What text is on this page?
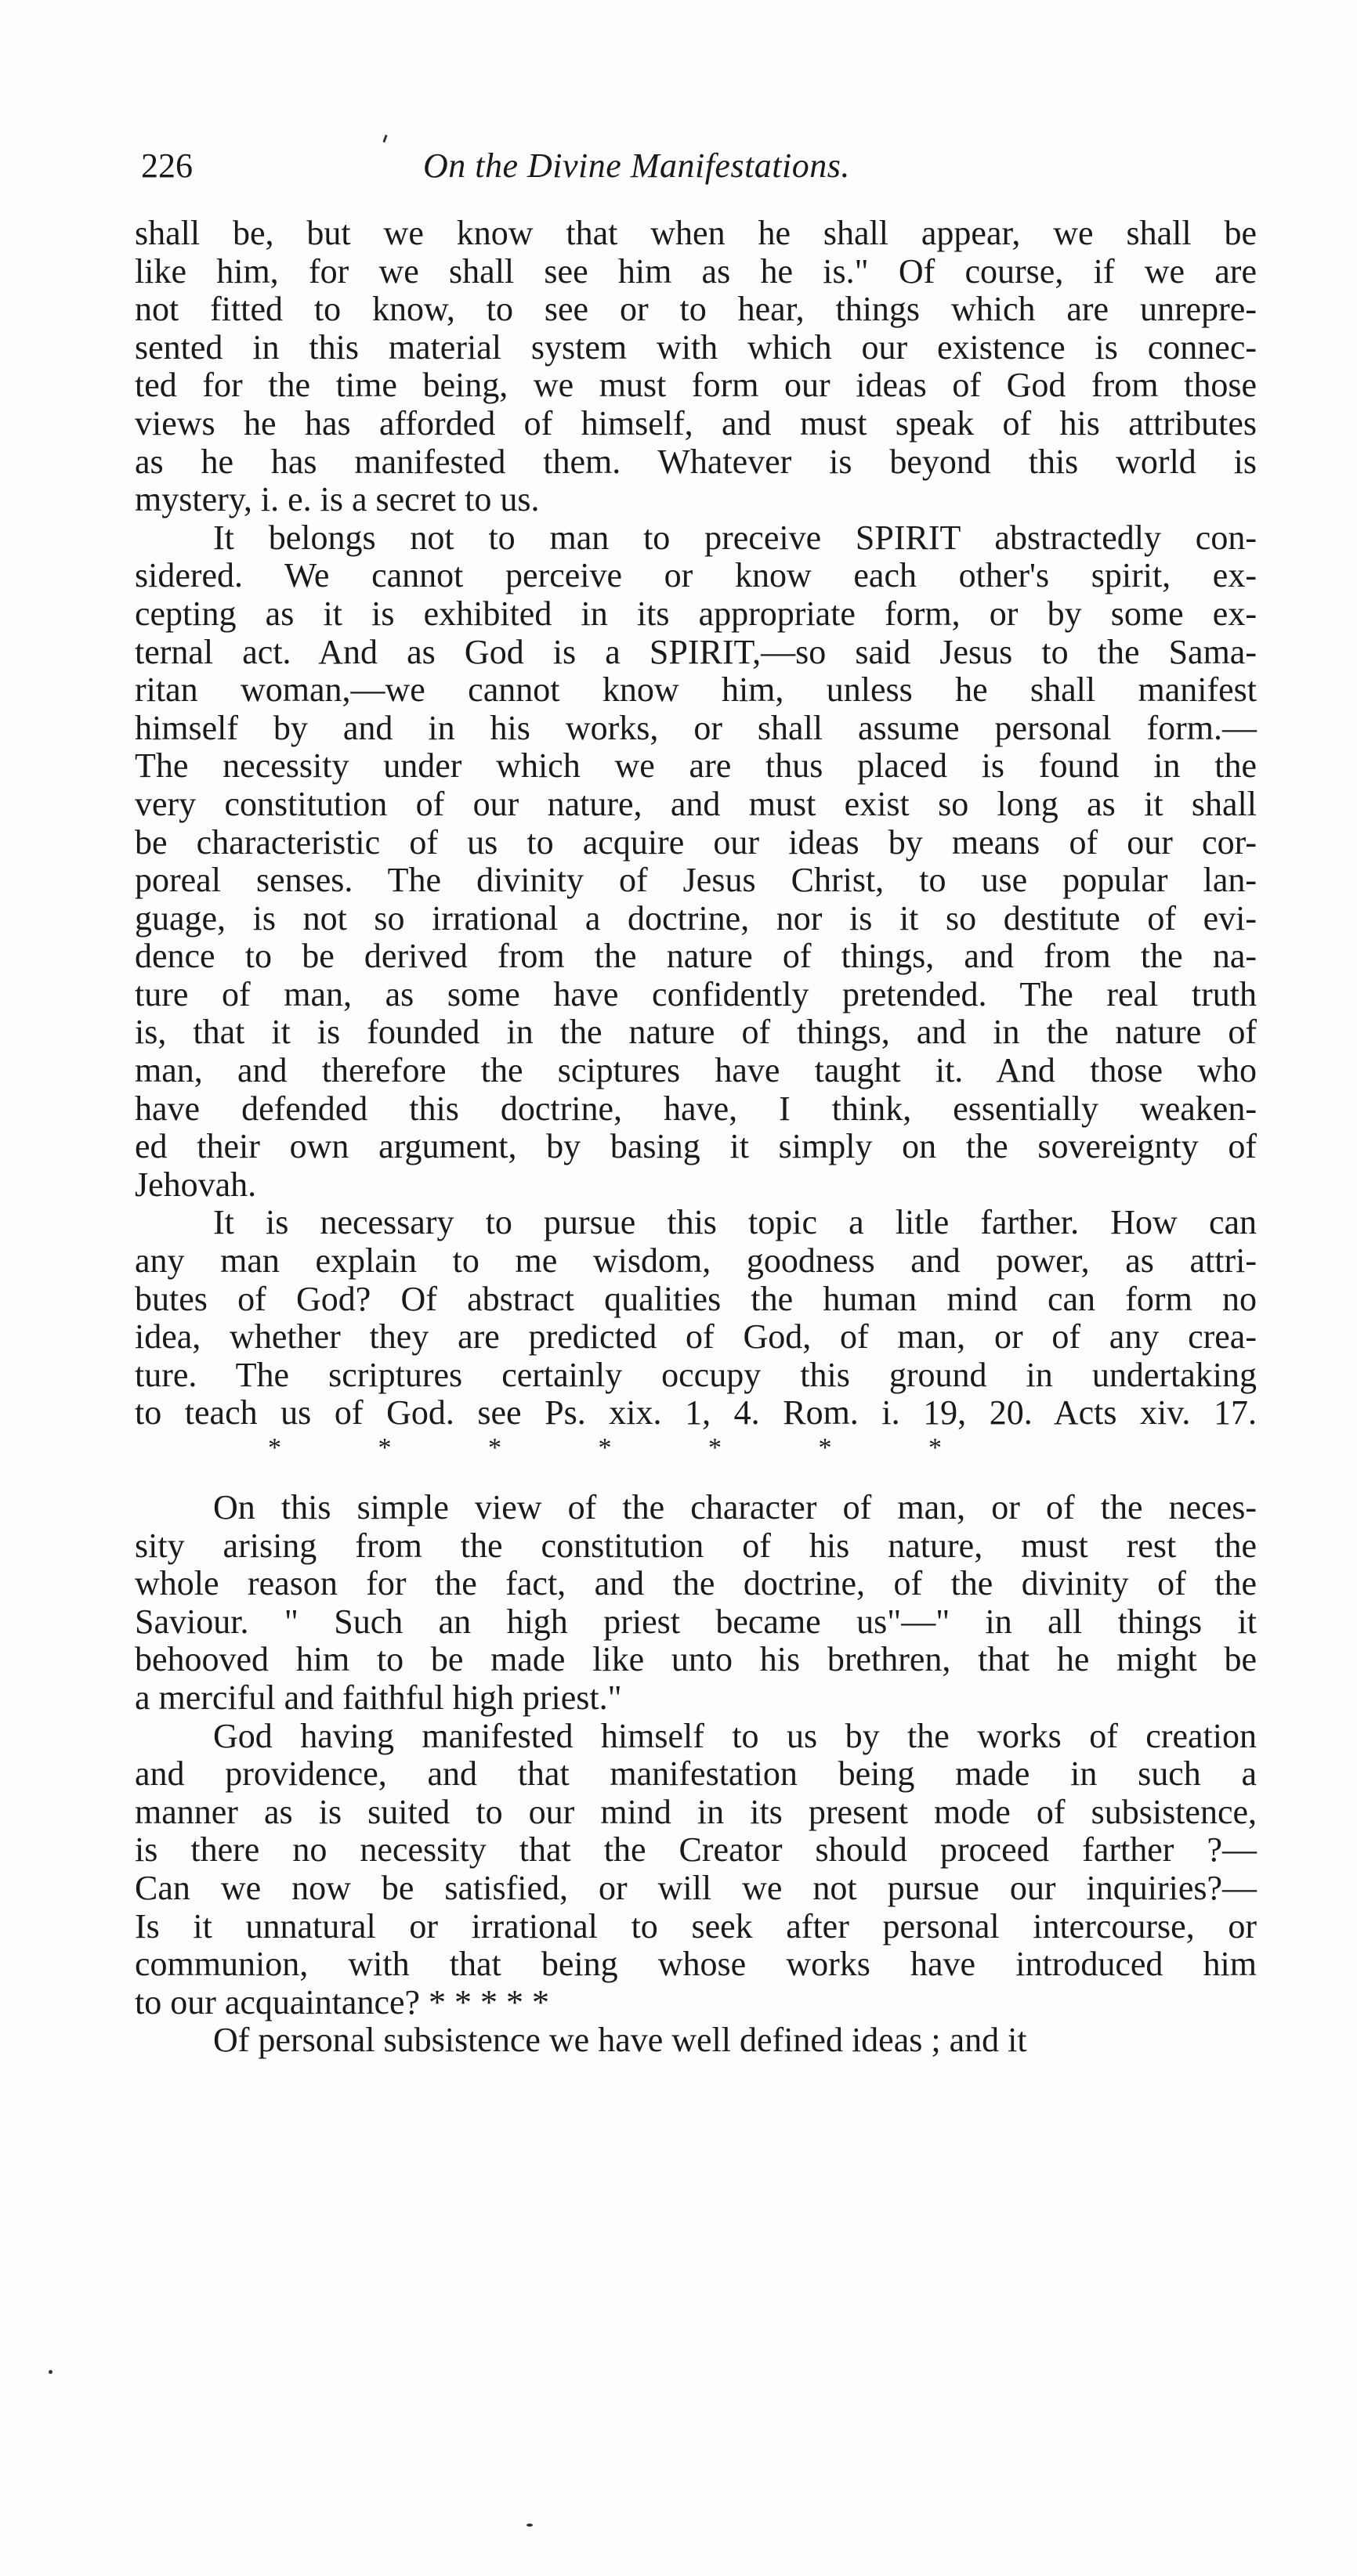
226	On the Divine Manifestations.
shall be, but we know that when he shall appear, we shall be
like him, for we shall see him as he is." Of course, if we are
not fitted to know, to see or to hear, things which are unrepre-
sented in this material system with which our existence is connec-
ted for the time being, we must form our ideas of God from those
views he has afforded of himself, and must speak of his attributes
as he has manifested them. Whatever is beyond this world is
mystery, i. e. is a secret to us.
It belongs not to man to preceive SPIRIT abstractedly con-
sidered. We cannot perceive or know each other's spirit, ex-
cepting as it is exhibited in its appropriate form, or by some ex-
ternal act. And as God is a SPIRIT,—so said Jesus to the Sama-
ritan woman,—we cannot know him, unless he shall manifest
himself by and in his works, or shall assume personal form.—
The necessity under which we are thus placed is found in the
very constitution of our nature, and must exist so long as it shall
be characteristic of us to acquire our ideas by means of our cor-
poreal senses. The divinity of Jesus Christ, to use popular lan-
guage, is not so irrational a doctrine, nor is it so destitute of evi-
dence to be derived from the nature of things, and from the na-
ture of man, as some have confidently pretended. The real truth
is, that it is founded in the nature of things, and in the nature of
man, and therefore the sciptures have taught it. And those who
have defended this doctrine, have, I think, essentially weaken-
ed their own argument, by basing it simply on the sovereignty of
Jehovah.
It is necessary to pursue this topic a litle farther. How can
any man explain to me wisdom, goodness and power, as attri-
butes of God? Of abstract qualities the human mind can form no
idea, whether they are predicted of God, of man, or of any crea-
ture. The scriptures certainly occupy this ground in undertaking
to teach us of God. see Ps. xix. 1, 4. Rom. i. 19, 20. Acts xiv. 17.
* * * * * * *
On this simple view of the character of man, or of the neces-
sity arising from the constitution of his nature, must rest the
whole reason for the fact, and the doctrine, of the divinity of the
Saviour. " Such an high priest became us"—" in all things it
behooved him to be made like unto his brethren, that he might be
a merciful and faithful high priest."
God having manifested himself to us by the works of creation
and providence, and that manifestation being made in such a
manner as is suited to our mind in its present mode of subsistence,
is there no necessity that the Creator should proceed farther ?—
Can we now be satisfied, or will we not pursue our inquiries?—
Is it unnatural or irrational to seek after personal intercourse, or
communion, with that being whose works have introduced him
to our acquaintance? * * * * *
Of personal subsistence we have well defined ideas ; and it
